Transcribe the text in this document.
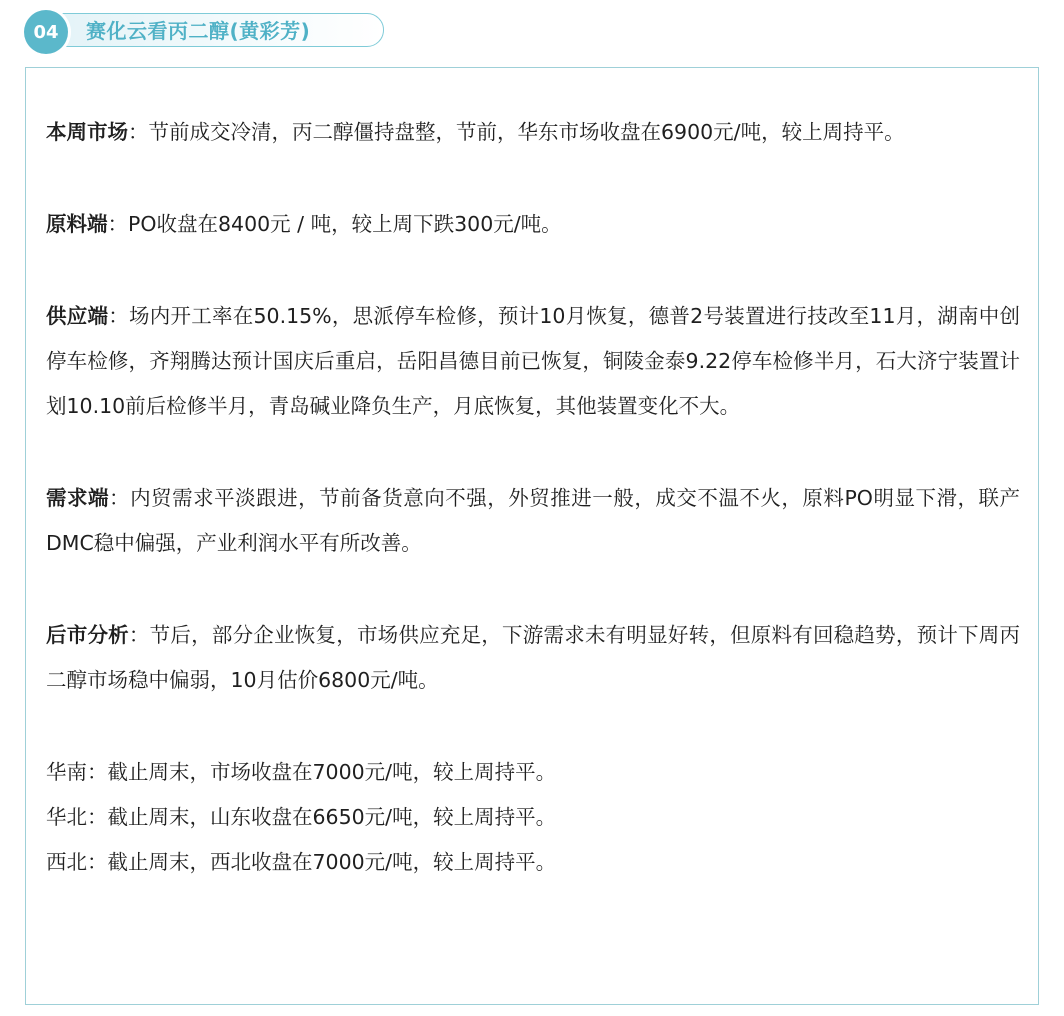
04	赛化云看丙二醇(黄彩芳)

本周市场：节前成交冷清，丙二醇僵持盘整，节前，华东市场收盘在6900元/吨，较上周持平。

原料端：PO收盘在8400元 / 吨，较上周下跌300元/吨。

供应端：场内开工率在50.15%，思派停车检修，预计10月恢复，德普2号装置进行技改至11月，湖南中创停车检修，齐翔腾达预计国庆后重启，岳阳昌德目前已恢复，铜陵金泰9.22停车检修半月，石大济宁装置计划10.10前后检修半月，青岛碱业降负生产，月底恢复，其他装置变化不大。

需求端：内贸需求平淡跟进，节前备货意向不强，外贸推进一般，成交不温不火，原料PO明显下滑，联产DMC稳中偏强，产业利润水平有所改善。

后市分析：节后，部分企业恢复，市场供应充足，下游需求未有明显好转，但原料有回稳趋势，预计下周丙二醇市场稳中偏弱，10月估价6800元/吨。

华南：截止周末，市场收盘在7000元/吨，较上周持平。

华北：截止周末，山东收盘在6650元/吨，较上周持平。

西北：截止周末，西北收盘在7000元/吨，较上周持平。
